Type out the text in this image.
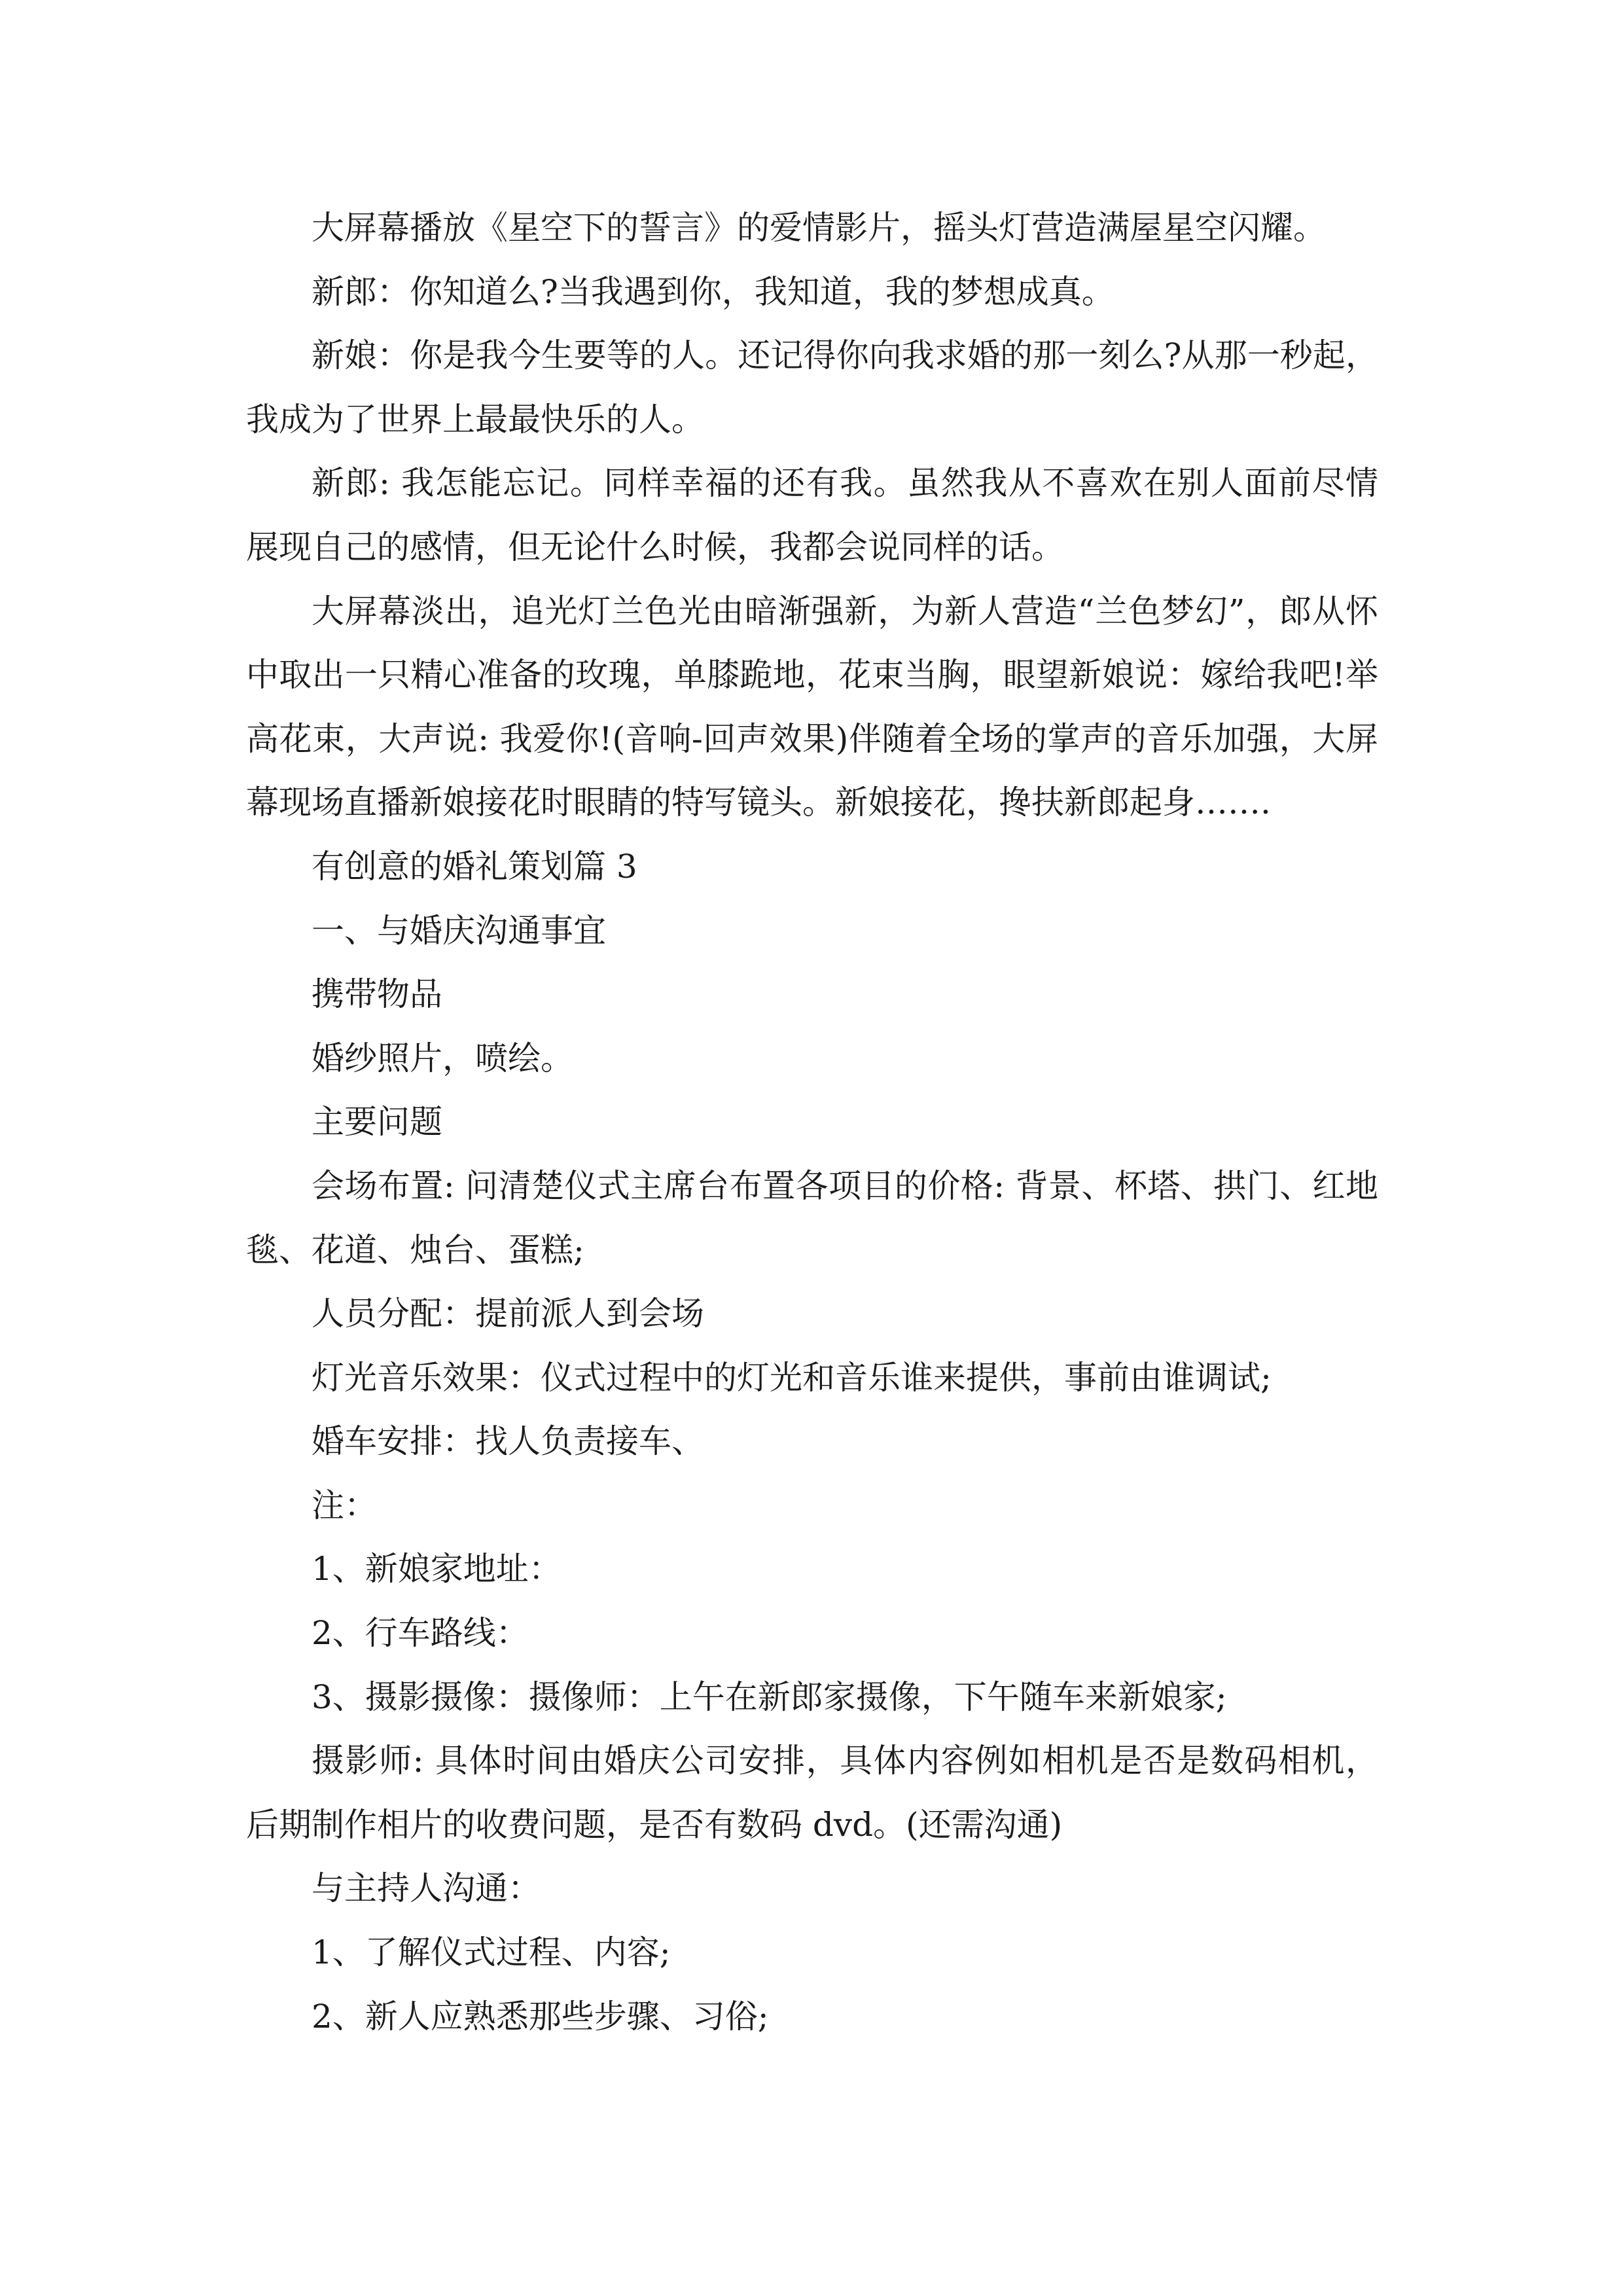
大屏幕播放《星空下的誓言》的爱情影片，摇头灯营造满屋星空闪耀。

新郎：你知道么?当我遇到你，我知道，我的梦想成真。

新娘：你是我今生要等的人。还记得你向我求婚的那一刻么?从那一秒起，我成为了世界上最最快乐的人。

新郎: 我怎能忘记。同样幸福的还有我。虽然我从不喜欢在别人面前尽情展现自己的感情，但无论什么时候，我都会说同样的话。

大屏幕淡出，追光灯兰色光由暗渐强新，为新人营造“兰色梦幻”，郎从怀中取出一只精心准备的玫瑰，单膝跪地，花束当胸，眼望新娘说：嫁给我吧!举高花束，大声说: 我爱你!(音响-回声效果)伴随着全场的掌声的音乐加强，大屏幕现场直播新娘接花时眼睛的特写镜头。新娘接花，搀扶新郎起身…….

有创意的婚礼策划篇 3

一、与婚庆沟通事宜

携带物品

婚纱照片，喷绘。

主要问题

会场布置: 问清楚仪式主席台布置各项目的价格: 背景、杯塔、拱门、红地毯、花道、烛台、蛋糕;

人员分配：提前派人到会场

灯光音乐效果：仪式过程中的灯光和音乐谁来提供，事前由谁调试;

婚车安排：找人负责接车、

注：

1、新娘家地址：

2、行车路线：

3、摄影摄像：摄像师：上午在新郎家摄像，下午随车来新娘家;

摄影师: 具体时间由婚庆公司安排，具体内容例如相机是否是数码相机，后期制作相片的收费问题，是否有数码 dvd。(还需沟通)

与主持人沟通：

1、了解仪式过程、内容;

2、新人应熟悉那些步骤、习俗;
